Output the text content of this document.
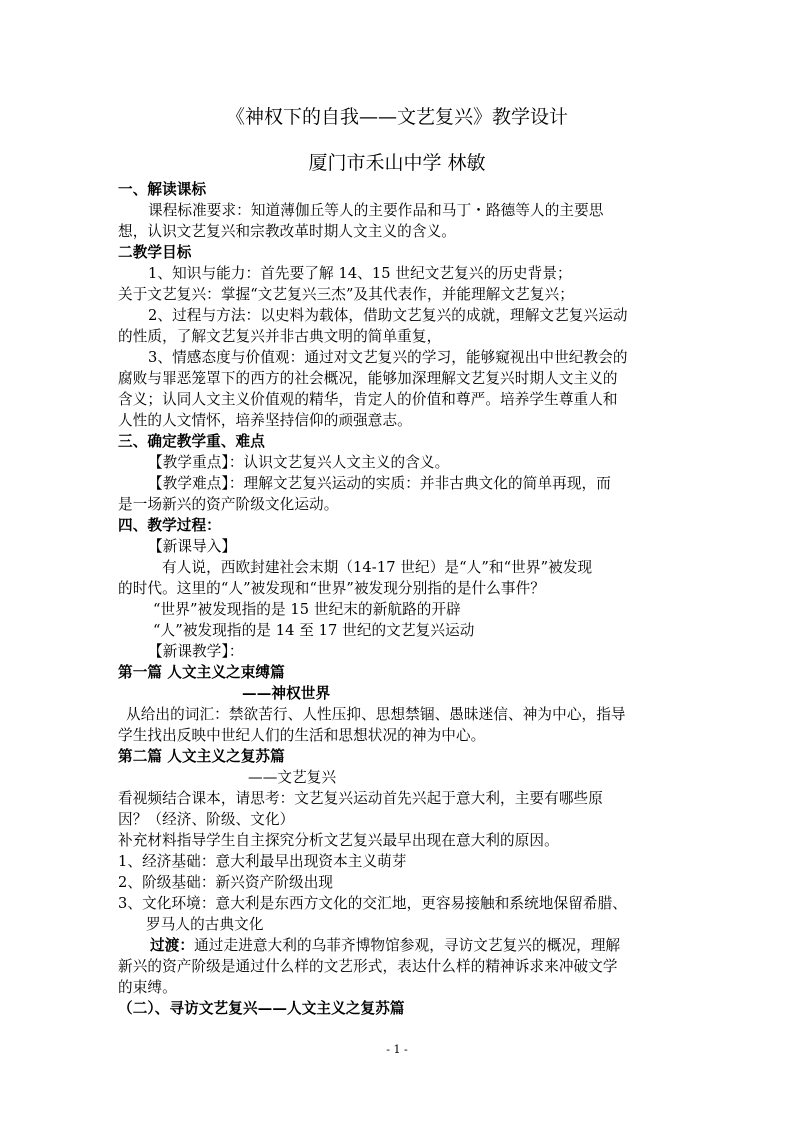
《神权下的自我——文艺复兴》教学设计
厦门市禾山中学 林敏
一、解读课标
课程标准要求：知道薄伽丘等人的主要作品和马丁・路德等人的主要思
想，认识文艺复兴和宗教改革时期人文主义的含义。
二教学目标
1、知识与能力：首先要了解 14、15 世纪文艺复兴的历史背景；
关于文艺复兴：掌握“文艺复兴三杰”及其代表作，并能理解文艺复兴；
2、过程与方法：以史料为载体，借助文艺复兴的成就，理解文艺复兴运动
的性质，了解文艺复兴并非古典文明的简单重复，
3、情感态度与价值观：通过对文艺复兴的学习，能够窥视出中世纪教会的
腐败与罪恶笼罩下的西方的社会概况，能够加深理解文艺复兴时期人文主义的
含义；认同人文主义价值观的精华，肯定人的价值和尊严。培养学生尊重人和
人性的人文情怀，培养坚持信仰的顽强意志。
三、确定教学重、难点
【教学重点】：认识文艺复兴人文主义的含义。
【教学难点】：理解文艺复兴运动的实质：并非古典文化的简单再现，而
是一场新兴的资产阶级文化运动。
四、教学过程：
【新课导入】
有人说，西欧封建社会末期（14-17 世纪）是“人”和“世界”被发现
的时代。这里的“人”被发现和“世界”被发现分别指的是什么事件？
“世界”被发现指的是 15 世纪末的新航路的开辟
“人”被发现指的是 14 至 17 世纪的文艺复兴运动
【新课教学】：
第一篇 人文主义之束缚篇
——神权世界
从给出的词汇：禁欲苦行、人性压抑、思想禁锢、愚昧迷信、神为中心，指导
学生找出反映中世纪人们的生活和思想状况的神为中心。
第二篇 人文主义之复苏篇
——文艺复兴
看视频结合课本，请思考：文艺复兴运动首先兴起于意大利，主要有哪些原
因？（经济、阶级、文化）
补充材料指导学生自主探究分析文艺复兴最早出现在意大利的原因。
1、经济基础：意大利最早出现资本主义萌芽
2、阶级基础：新兴资产阶级出现
3、文化环境：意大利是东西方文化的交汇地，更容易接触和系统地保留希腊、
罗马人的古典文化
过渡：通过走进意大利的乌菲齐博物馆参观，寻访文艺复兴的概况，理解
新兴的资产阶级是通过什么样的文艺形式，表达什么样的精神诉求来冲破文学
的束缚。
（二）、寻访文艺复兴——人文主义之复苏篇
- 1 -
